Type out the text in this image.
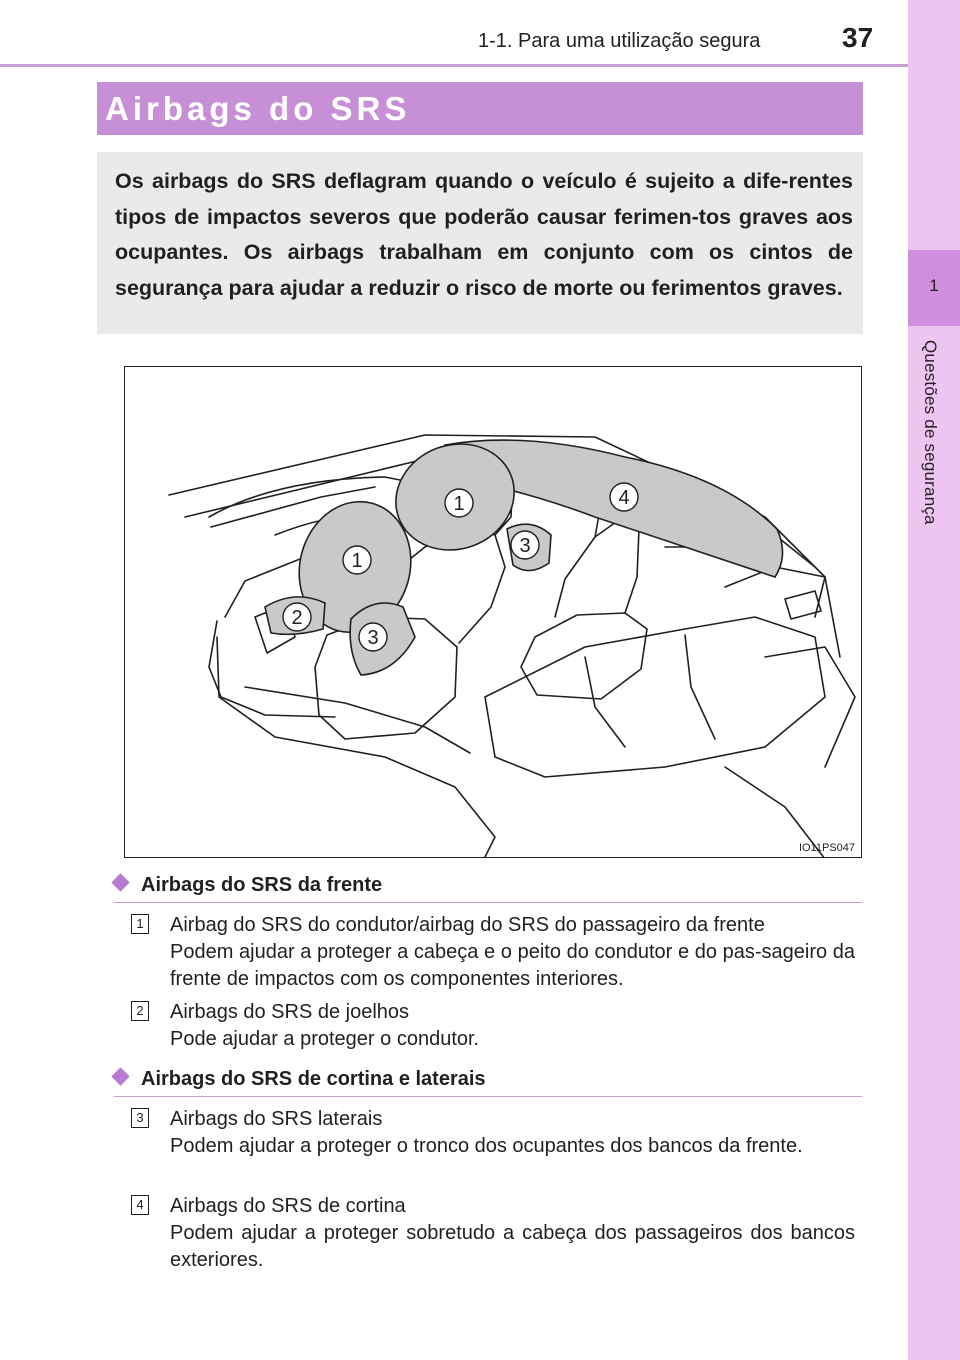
1-1. Para uma utilização segura	37
1
Questões de segurança
Airbags do SRS

Os airbags do SRS deflagram quando o veículo é sujeito a dife-rentes tipos de impactos severos que poderão causar ferimen-tos graves aos ocupantes. Os airbags trabalham em conjunto com os cintos de segurança para ajudar a reduzir o risco de morte ou ferimentos graves.

1
1
2
3
3
4
IO11PS047
Airbags do SRS da frente
1 Airbag do SRS do condutor/airbag do SRS do passageiro da frente
Podem ajudar a proteger a cabeça e o peito do condutor e do pas-sageiro da frente de impactos com os componentes interiores.
2 Airbags do SRS de joelhos
Pode ajudar a proteger o condutor.
Airbags do SRS de cortina e laterais
3 Airbags do SRS laterais
Podem ajudar a proteger o tronco dos ocupantes dos bancos da frente.
4 Airbags do SRS de cortina
Podem ajudar a proteger sobretudo a cabeça dos passageiros dos bancos exteriores.
